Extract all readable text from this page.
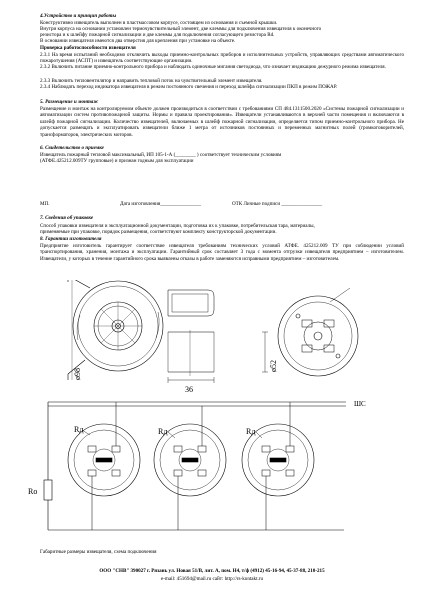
4.Устройство и принцип работы
Конструктивно извещатель выполнен в пластмассовом корпусе, состоящем из основания и съемной крышки.
Внутри корпуса на основании установлен термочувствительный элемент, две клеммы для подключения извещателя к оконечного
резистора и к шлейфу пожарной сигнализации и две клеммы для подключения согласующего резистора Rd.
В основании извещателя имеются два отверстия для крепления при установке на объекте.
Проверка работоспособности извещателя
2.3.1 На время испытаний необходимо отключить выходы приемно-контрольных приборов и исполнительных устройств, управляющих средствами автоматического пожаротушения (АСПТ) и извещатель соответствующие организации.
2.3.2 Включить питание приемно-контрольного прибора и наблюдать одиночные мигания светодиода, что означает индикацию дежурного режима извещателя.
2.3.3 Включить тепловентилятор и направить тепловой поток на чувствительный элемент извещателя.
2.3.4 Наблюдать переход индикатора извещателя в режим постоянного свечения и переход шлейфа сигнализации ПКП в режим ПОЖАР.
5. Размещение и монтаж
Размещение и монтаж на контролируемом объекте должен производиться в соответствии с требованиями СП 484.1311500.2020 «Системы пожарной сигнализации и автоматизации систем противопожарной защиты. Нормы и правила проектирования». Извещатели устанавливаются в верхней части помещения и включаются в шлейф пожарной сигнализации. Количество извещателей, включаемых в шлейф пожарной сигнализации, определяется типом приемно-контрольного прибора. Не допускается размещать и эксплуатировать извещатели ближе 1 метра от источников постоянных и переменных магнитных полей (громкоговорителей, трансформаторов, электрических моторов.
6. Свидетельство о приемке
Извещатель пожарный тепловой максимальный, ИП 105-1-А (________ ) соответствует техническим условиям
(АТФЕ.425212.009ТУ групповые) и признан годным для эксплуатации
МП.	Дата изготовления________________	ОТК Личные подписи ________________
7. Сведения об упаковке
Способ упаковки извещателя и эксплуатационной документации, подготовка их к упаковке, потребительская тара, материалы,
применяемые при упаковке, порядок размещения, соответствуют комплекту конструкторской документации.
8. Гарантии изготовителя
Предприятие изготовитель гарантирует соответствие извещателя требованиям технических условий АТФЕ. 425212.009 ТУ при соблюдении условий транспортирования, хранения, монтажа и эксплуатации. Гарантийный срок составляет 3 года с момента отгрузки извещателя предприятием – изготовителем. Извещатели, у которых в течение гарантийного срока выявлены отказы в работе заменяются исправными предприятием – изготовителем.
ø52
ø98
36
ШС
Rд	Rд	Rд
Rо
Габаритные размеры извещателя, схема подключения
ООО "СНВ" 390027 г. Рязань ул. Новая 51/В, лит. А, пом. Н4, т/ф (4912) 45-16-94, 45-37-88, 210-215
e-mail: 451694@mail.ru сайт: http://rs-kontakt.ru
